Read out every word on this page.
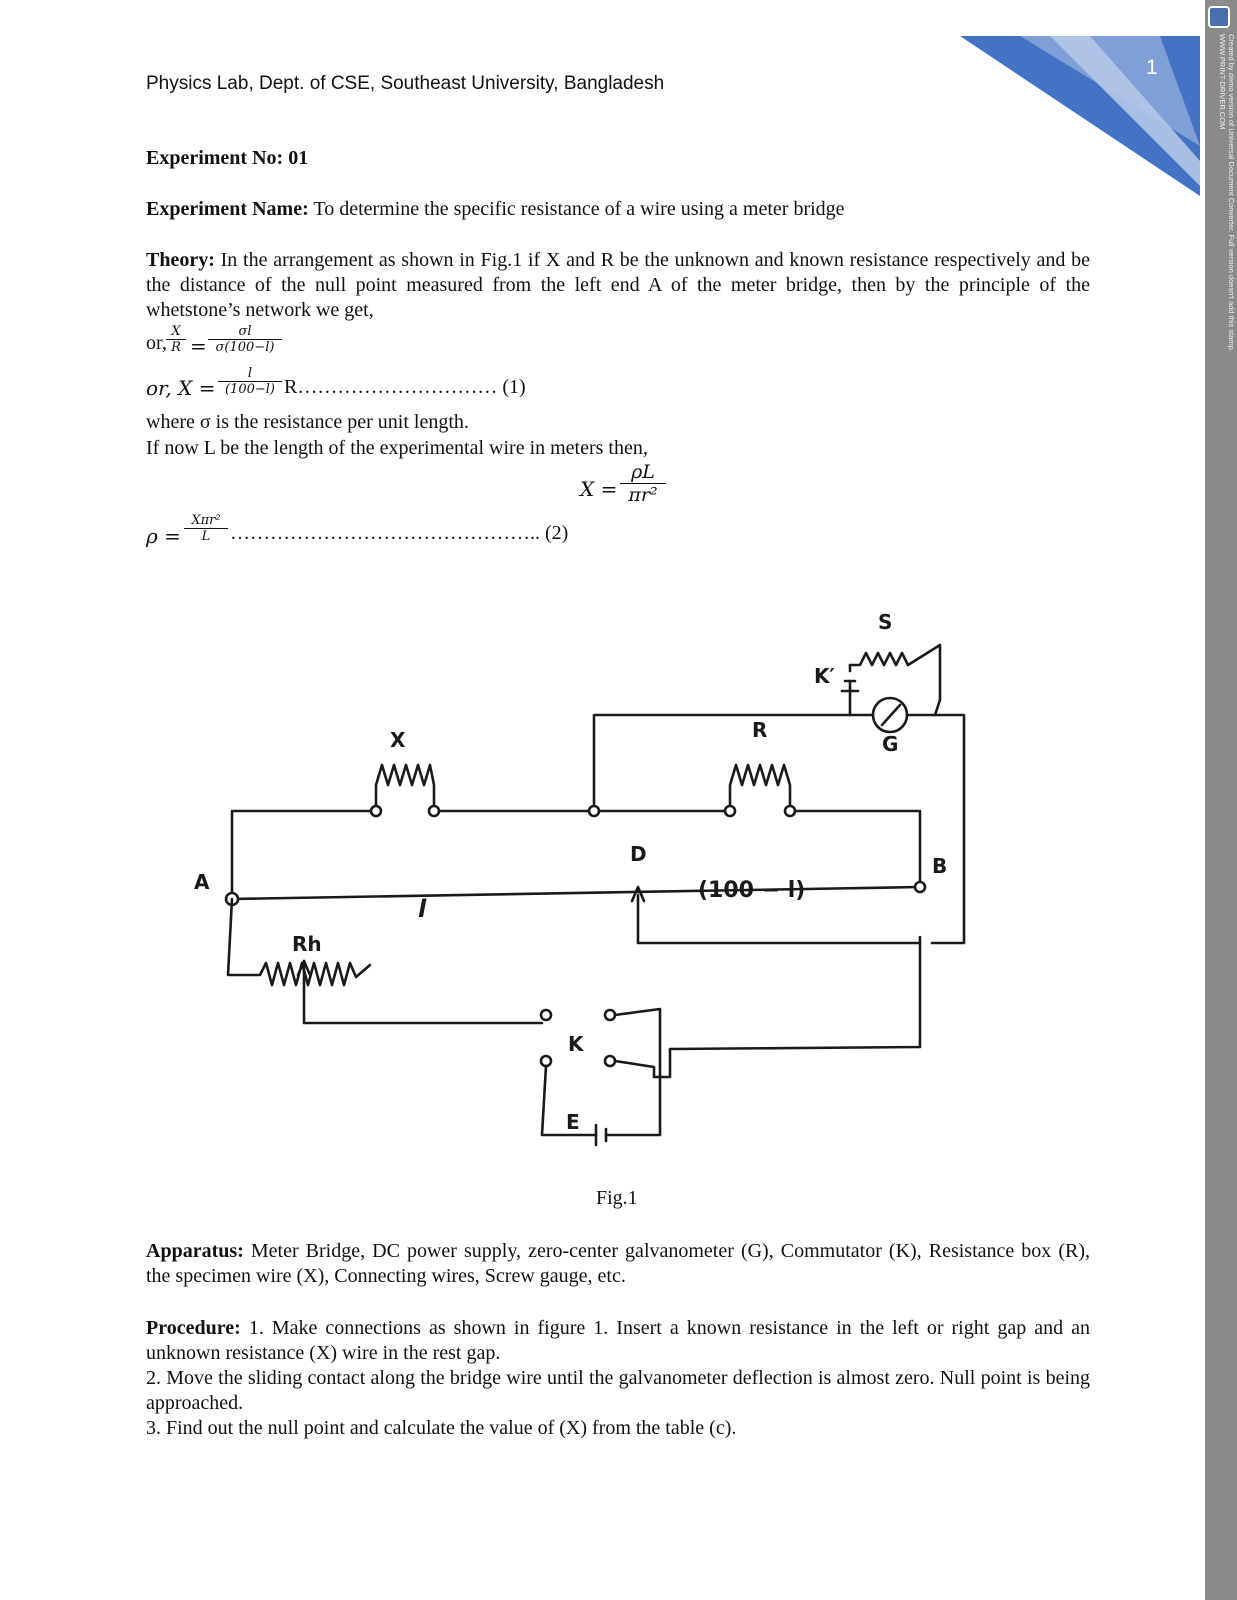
1	Created by demo version of Universal Document Converter. Full version doesn't add this stamp.
WWW.PRINT-DRIVER.COM
Physics Lab, Dept. of CSE, Southeast University, Bangladesh
Experiment No: 01
Experiment Name: To determine the specific resistance of a wire using a meter bridge
Theory: In the arrangement as shown in Fig.1 if X and R be the unknown and known resistance respectively and be the distance of the null point measured from the left end A of the meter bridge, then by the principle of the whetstone’s network we get,
or, $\frac{X}{R} = \frac{\sigma l}{\sigma(100-l)}$
or, $X = \frac{l}{(100-l)}$ R………………………… (1)
where σ is the resistance per unit length.
If now L be the length of the experimental wire in meters then,
$X = \frac{\rho L}{\text{πr²}}$
ρ =
Xπr²
L ……………………………………….. (2)
S
K′
R
G
X
D	B
A
l
(100 − l)
Rh
K
E
Fig.1
Apparatus: Meter Bridge, DC power supply, zero-center galvanometer (G), Commutator (K), Resistance box (R), the specimen wire (X), Connecting wires, Screw gauge, etc.
Procedure: 1. Make connections as shown in figure 1. Insert a known resistance in the left or right gap and an unknown resistance (X) wire in the rest gap.
2. Move the sliding contact along the bridge wire until the galvanometer deflection is almost zero. Null point is being approached.
3. Find out the null point and calculate the value of (X) from the table (c).
